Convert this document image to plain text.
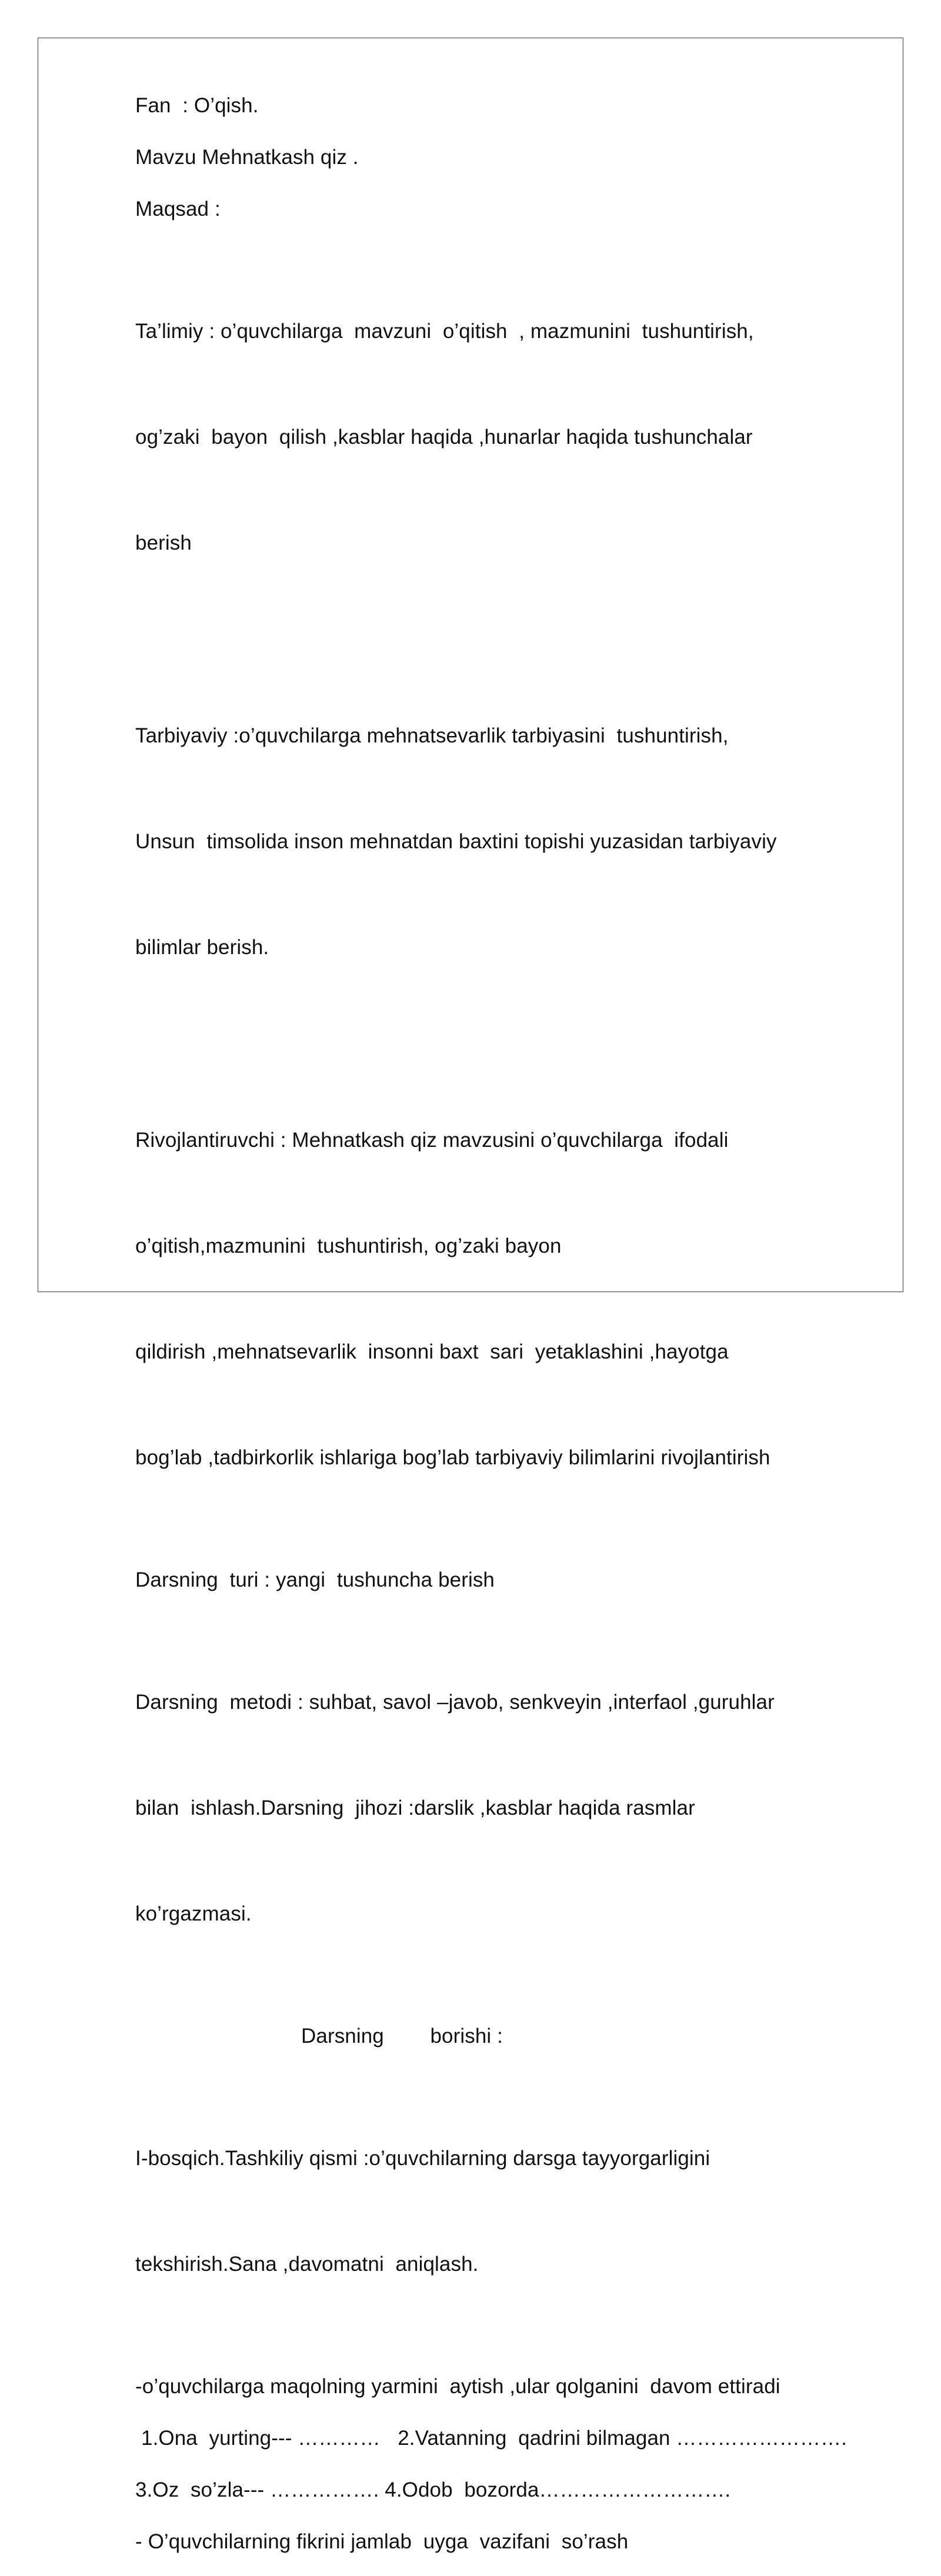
Fan  : O’qish.

Mavzu Mehnatkash qiz .

Maqsad :

Ta’limiy : o’quvchilarga  mavzuni  o’qitish  , mazmunini  tushuntirish,

og’zaki  bayon  qilish ,kasblar haqida ,hunarlar haqida tushunchalar

berish

Tarbiyaviy :o’quvchilarga mehnatsevarlik tarbiyasini  tushuntirish,

Unsun  timsolida inson mehnatdan baxtini topishi yuzasidan tarbiyaviy

bilimlar berish.

Rivojlantiruvchi : Mehnatkash qiz mavzusini o’quvchilarga  ifodali

o’qitish,mazmunini  tushuntirish, og’zaki bayon

qildirish ,mehnatsevarlik  insonni baxt  sari  yetaklashini ,hayotga

bog’lab ,tadbirkorlik ishlariga bog’lab tarbiyaviy bilimlarini rivojlantirish

Darsning  turi : yangi  tushuncha berish

Darsning  metodi : suhbat, savol –javob, senkveyin ,interfaol ,guruhlar

bilan  ishlash.Darsning  jihozi :darslik ,kasblar haqida rasmlar

ko’rgazmasi.

Darsning        borishi :

I-bosqich.Tashkiliy qismi :o’quvchilarning darsga tayyorgarligini

tekshirish.Sana ,davomatni  aniqlash.

-o’quvchilarga maqolning yarmini  aytish ,ular qolganini  davom ettiradi

1.Ona  yurting--- …………   2.Vatanning  qadrini bilmagan …………………….

3.Oz  so’zla--- ……………. 4.Odob  bozorda……………………….

- O’quvchilarning fikrini jamlab  uyga  vazifani  so’rash
